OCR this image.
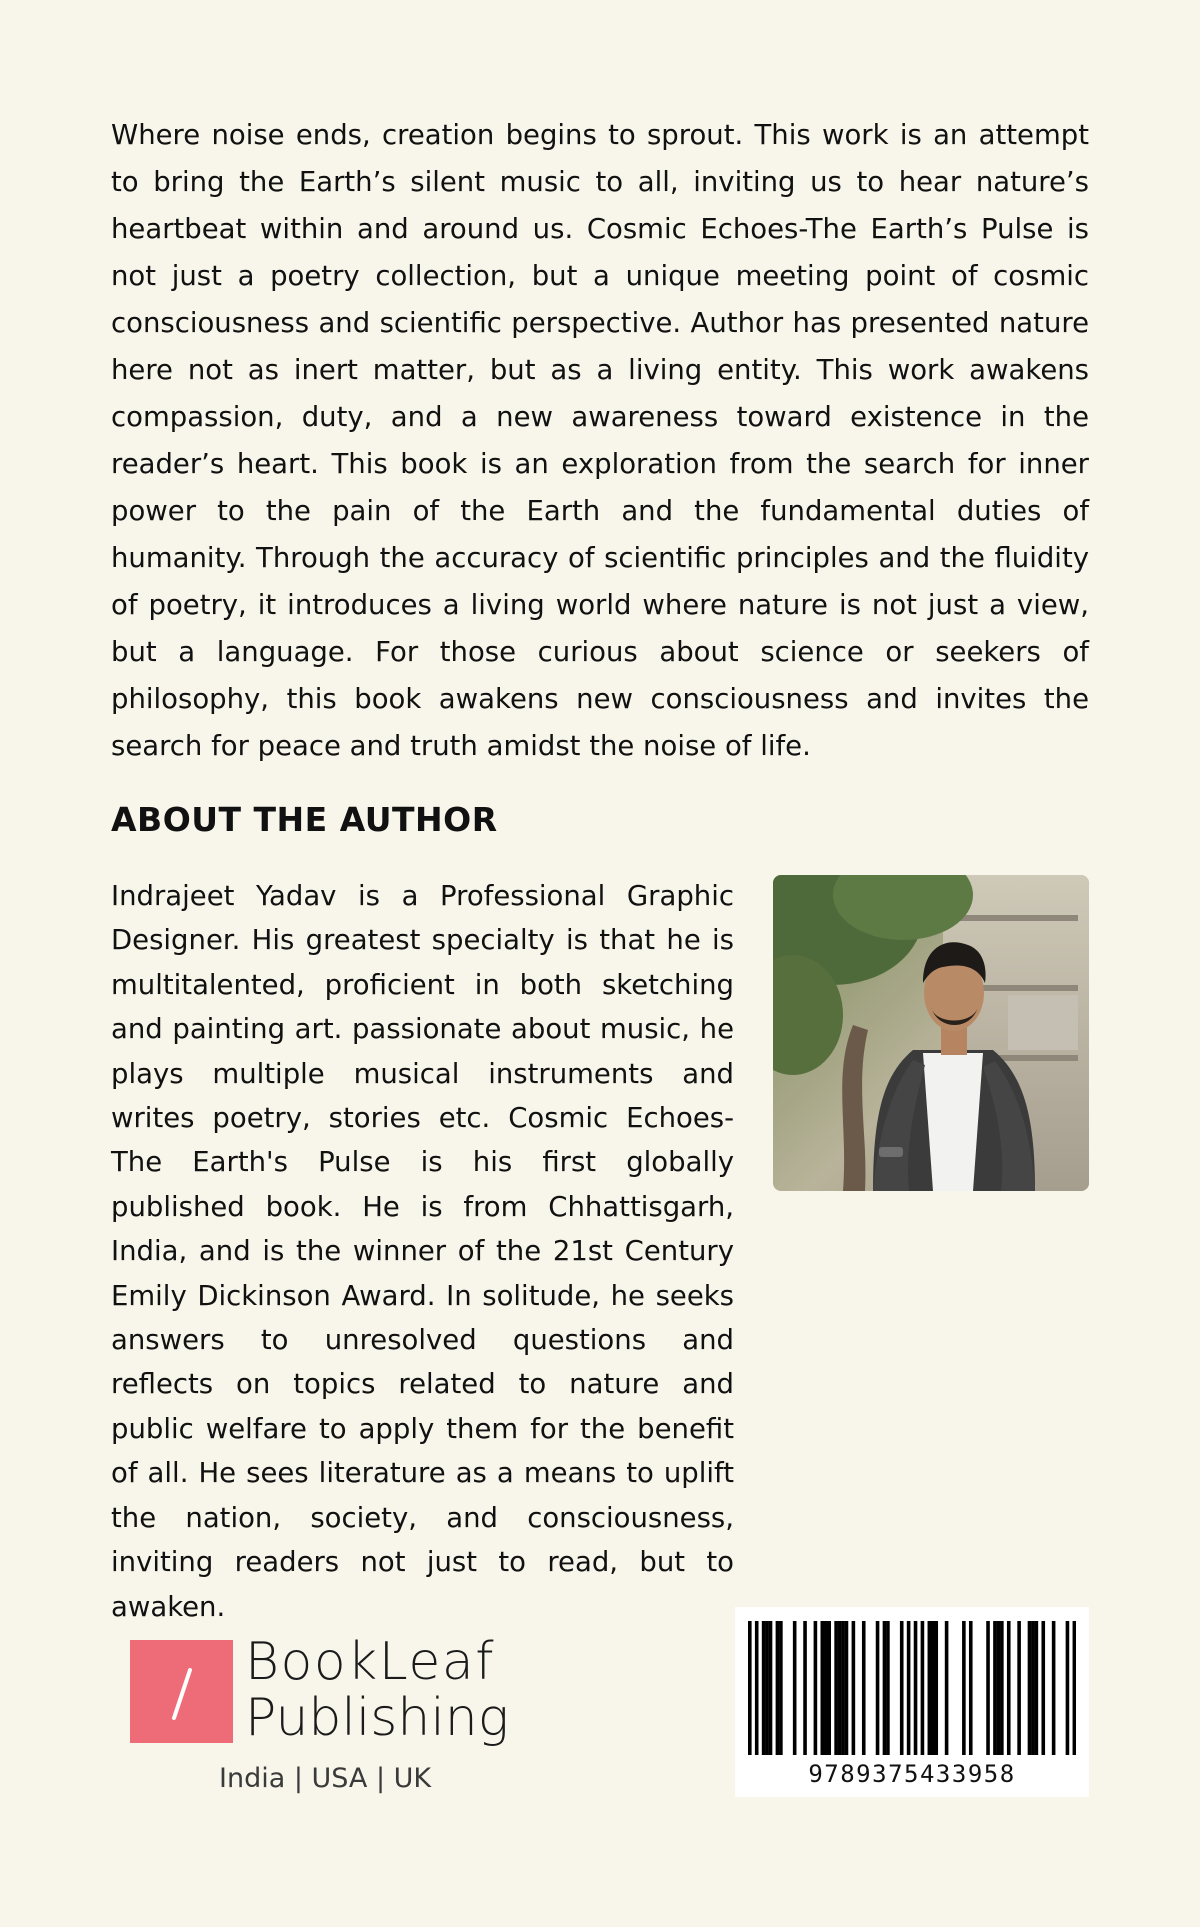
Where noise ends, creation begins to sprout. This work is an attempt to bring the Earth’s silent music to all, inviting us to hear nature’s heartbeat within and around us. Cosmic Echoes-The Earth’s Pulse is not just a poetry collection, but a unique meeting point of cosmic consciousness and scientific perspective. Author has presented nature here not as inert matter, but as a living entity. This work awakens compassion, duty, and a new awareness toward existence in the reader’s heart. This book is an exploration from the search for inner power to the pain of the Earth and the fundamental duties of humanity. Through the accuracy of scientific principles and the fluidity of poetry, it introduces a living world where nature is not just a view, but a language. For those curious about science or seekers of philosophy, this book awakens new consciousness and invites the search for peace and truth amidst the noise of life.

ABOUT THE AUTHOR

Indrajeet Yadav is a Professional Graphic Designer. His greatest specialty is that he is multitalented, proficient in both sketching and painting art. passionate about music, he plays multiple musical instruments and writes poetry, stories etc. Cosmic Echoes-The Earth's Pulse is his first globally published book. He is from Chhattisgarh, India, and is the winner of the 21st Century Emily Dickinson Award. In solitude, he seeks answers to unresolved questions and reflects on topics related to nature and public welfare to apply them for the benefit of all. He sees literature as a means to uplift the nation, society, and consciousness, inviting readers not just to read, but to awaken.

BookLeaf
Publishing
India | USA | UK	9789375433958
